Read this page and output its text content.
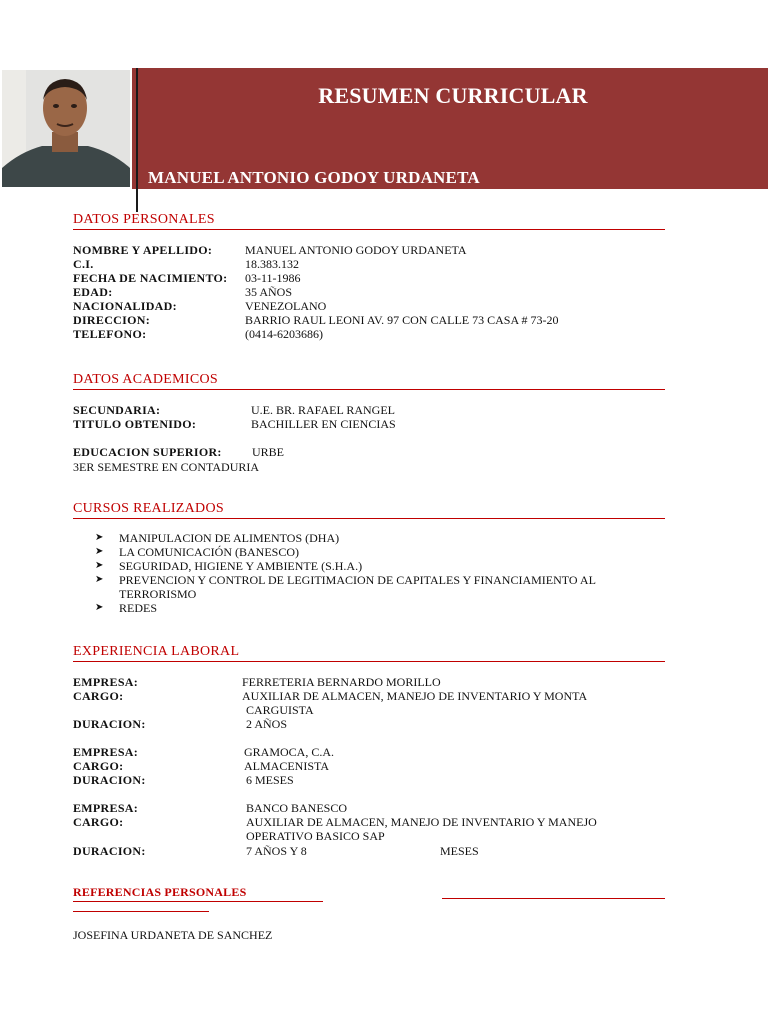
RESUMEN CURRICULAR
MANUEL ANTONIO GODOY URDANETA
DATOS PERSONALES
NOMBRE Y APELLIDO:	MANUEL ANTONIO GODOY URDANETA
C.I.	18.383.132
FECHA DE NACIMIENTO: 03-11-1986
EDAD:	35 AÑOS
NACIONALIDAD:	VENEZOLANO
DIRECCION:	BARRIO RAUL LEONI AV. 97 CON CALLE 73 CASA # 73-20
TELEFONO:	(0414-6203686)
DATOS ACADEMICOS
SECUNDARIA:	U.E. BR. RAFAEL RANGEL
TITULO OBTENIDO:	BACHILLER EN CIENCIAS
EDUCACION SUPERIOR:	URBE
3ER SEMESTRE EN CONTADURIA
CURSOS REALIZADOS
➤ MANIPULACION DE ALIMENTOS (DHA)
➤ LA COMUNICACIÓN (BANESCO)
➤ SEGURIDAD, HIGIENE Y AMBIENTE (S.H.A.)
➤ PREVENCION Y CONTROL DE LEGITIMACION DE CAPITALES Y FINANCIAMIENTO AL TERRORISMO
➤ REDES
EXPERIENCIA LABORAL
EMPRESA:	FERRETERIA BERNARDO MORILLO
CARGO:	AUXILIAR DE ALMACEN, MANEJO DE INVENTARIO Y MONTA
CARGUISTA
DURACION:	2 AÑOS
EMPRESA:	GRAMOCA, C.A.
CARGO:	ALMACENISTA
DURACION:	6 MESES
EMPRESA:	BANCO BANESCO
CARGO:	AUXILIAR DE ALMACEN, MANEJO DE INVENTARIO Y MANEJO
OPERATIVO BASICO SAP
DURACION:	7 AÑOS Y 8	MESES
REFERENCIAS PERSONALES
JOSEFINA URDANETA DE SANCHEZ
